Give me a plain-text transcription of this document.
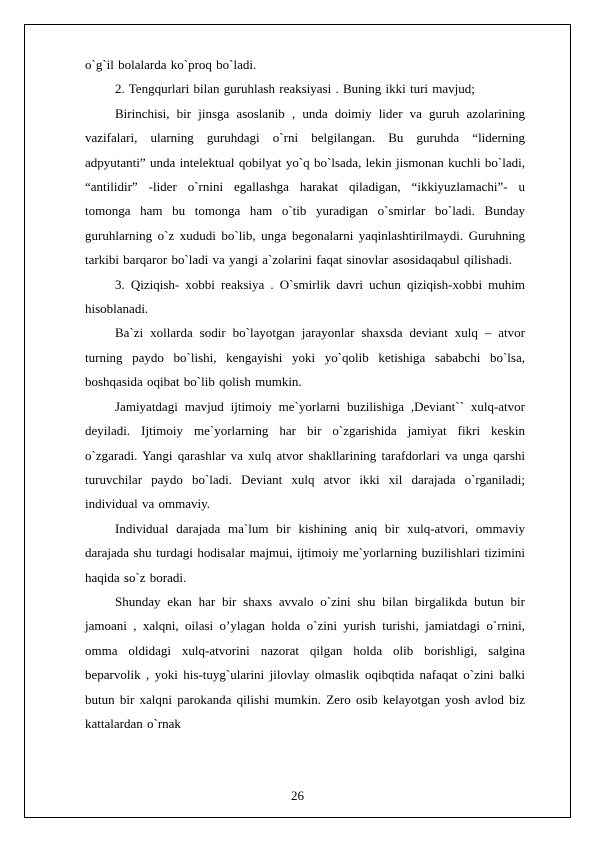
o`g`il bolalarda ko`proq bo`ladi.

2. Tengqurlari bilan guruhlash reaksiyasi . Buning ikki turi mavjud;

Birinchisi, bir jinsga asoslanib , unda doimiy lider va guruh azolarining vazifalari, ularning guruhdagi o`rni belgilangan. Bu guruhda “liderning adpyutanti” unda intelektual qobilyat yo`q bo`lsada, lekin jismonan kuchli bo`ladi, “antilidir” -lider o`rnini egallashga harakat qiladigan, “ikkiyuzlamachi”- u tomonga ham bu tomonga ham o`tib yuradigan o`smirlar bo`ladi. Bunday guruhlarning o`z xududi bo`lib, unga begonalarni yaqinlashtirilmaydi. Guruhning tarkibi barqaror bo`ladi va yangi a`zolarini faqat sinovlar asosidaqabul qilishadi.

3. Qiziqish- xobbi reaksiya . O`smirlik davri uchun qiziqish-xobbi muhim hisoblanadi.

Ba`zi xollarda sodir bo`layotgan jarayonlar shaxsda deviant xulq – atvor turning paydo bo`lishi, kengayishi yoki yo`qolib ketishiga sababchi bo`lsa, boshqasida oqibat bo`lib qolish mumkin.

Jamiyatdagi mavjud ijtimoiy me`yorlarni buzilishiga ,Deviant`` xulq-atvor deyiladi. Ijtimoiy me`yorlarning har bir o`zgarishida jamiyat fikri keskin o`zgaradi. Yangi qarashlar va xulq atvor shakllarining tarafdorlari va unga qarshi turuvchilar paydo bo`ladi. Deviant xulq atvor ikki xil darajada o`rganiladi; individual va ommaviy.

Individual darajada ma`lum bir kishining aniq bir xulq-atvori, ommaviy darajada shu turdagi hodisalar majmui, ijtimoiy me`yorlarning buzilishlari tizimini haqida so`z boradi.

Shunday ekan har bir shaxs avvalo o`zini shu bilan birgalikda butun bir jamoani , xalqni, oilasi o’ylagan holda o`zini yurish turishi, jamiatdagi o`rnini, omma oldidagi xulq-atvorini nazorat qilgan holda olib borishligi, salgina beparvolik , yoki his-tuyg`ularini jilovlay olmaslik oqibqtida nafaqat o`zini balki butun bir xalqni parokanda qilishi mumkin. Zero osib kelayotgan yosh avlod biz kattalardan o`rnak

26
